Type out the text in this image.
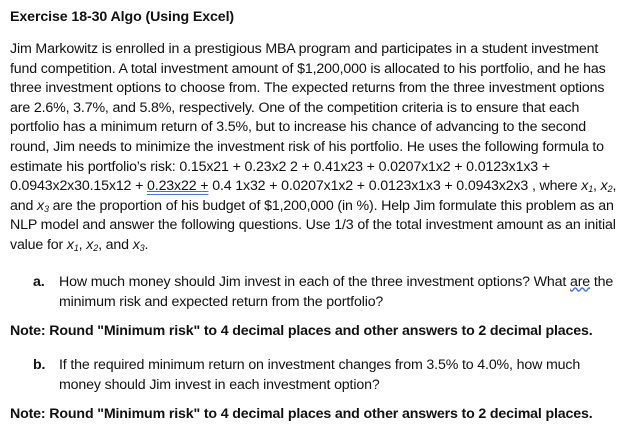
Exercise 18-30 Algo (Using Excel)

Jim Markowitz is enrolled in a prestigious MBA program and participates in a student investment fund competition. A total investment amount of $1,200,000 is allocated to his portfolio, and he has three investment options to choose from. The expected returns from the three investment options are 2.6%, 3.7%, and 5.8%, respectively. One of the competition criteria is to ensure that each portfolio has a minimum return of 3.5%, but to increase his chance of advancing to the second round, Jim needs to minimize the investment risk of his portfolio. He uses the following formula to estimate his portfolio’s risk: 0.15x21 + 0.23x2 2 + 0.41x23 + 0.0207x1x2 + 0.0123x1x3 + 0.0943x2x30.15x12 + 0.23x22 + 0.4 1x32 + 0.0207x1x2 + 0.0123x1x3 + 0.0943x2x3 , where $x_1$, $x_2$, and $x_3$ are the proportion of his budget of $1,200,000 (in %). Help Jim formulate this problem as an NLP model and answer the following questions. Use 1/3 of the total investment amount as an initial value for $x_1$, $x_2$, and $x_3$.

a.	How much money should Jim invest in each of the three investment options? What are the minimum risk and expected return from the portfolio?
Note: Round "Minimum risk" to 4 decimal places and other answers to 2 decimal places.
b. If the required minimum return on investment changes from 3.5% to 4.0%, how much money should Jim invest in each investment option?
Note: Round "Minimum risk" to 4 decimal places and other answers to 2 decimal places.
